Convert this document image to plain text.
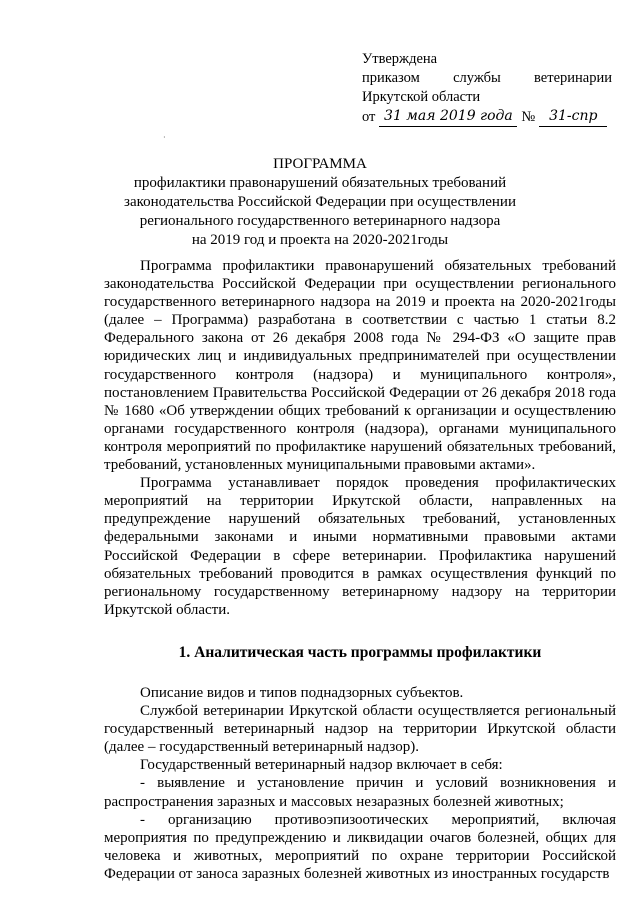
Утверждена
приказом службы ветеринарии
Иркутской области
от 31 мая 2019 года № 31-спр
·
ПРОГРАММА
профилактики правонарушений обязательных требований
законодательства Российской Федерации при осуществлении
регионального государственного ветеринарного надзора
на 2019 год и проекта на 2020-2021годы

Программа профилактики правонарушений обязательных требований законодательства Российской Федерации при осуществлении регионального государственного ветеринарного надзора на 2019 и проекта на 2020-2021годы (далее – Программа) разработана в соответствии с частью 1 статьи 8.2 Федерального закона от 26 декабря 2008 года № 294-ФЗ «О защите прав юридических лиц и индивидуальных предпринимателей при осуществлении государственного контроля (надзора) и муниципального контроля», постановлением Правительства Российской Федерации от 26 декабря 2018 года № 1680 «Об утверждении общих требований к организации и осуществлению органами государственного контроля (надзора), органами муниципального контроля мероприятий по профилактике нарушений обязательных требований, требований, установленных муниципальными правовыми актами».

Программа устанавливает порядок проведения профилактических мероприятий на территории Иркутской области, направленных на предупреждение нарушений обязательных требований, установленных федеральными законами и иными нормативными правовыми актами Российской Федерации в сфере ветеринарии. Профилактика нарушений обязательных требований проводится в рамках осуществления функций по региональному государственному ветеринарному надзору на территории Иркутской области.

1. Аналитическая часть программы профилактики

Описание видов и типов поднадзорных субъектов.

Службой ветеринарии Иркутской области осуществляется региональный государственный ветеринарный надзор на территории Иркутской области (далее – государственный ветеринарный надзор).

Государственный ветеринарный надзор включает в себя:

- выявление и установление причин и условий возникновения и распространения заразных и массовых незаразных болезней животных;

- организацию противоэпизоотических мероприятий, включая мероприятия по предупреждению и ликвидации очагов болезней, общих для человека и животных, мероприятий по охране территории Российской Федерации от заноса заразных болезней животных из иностранных государств
